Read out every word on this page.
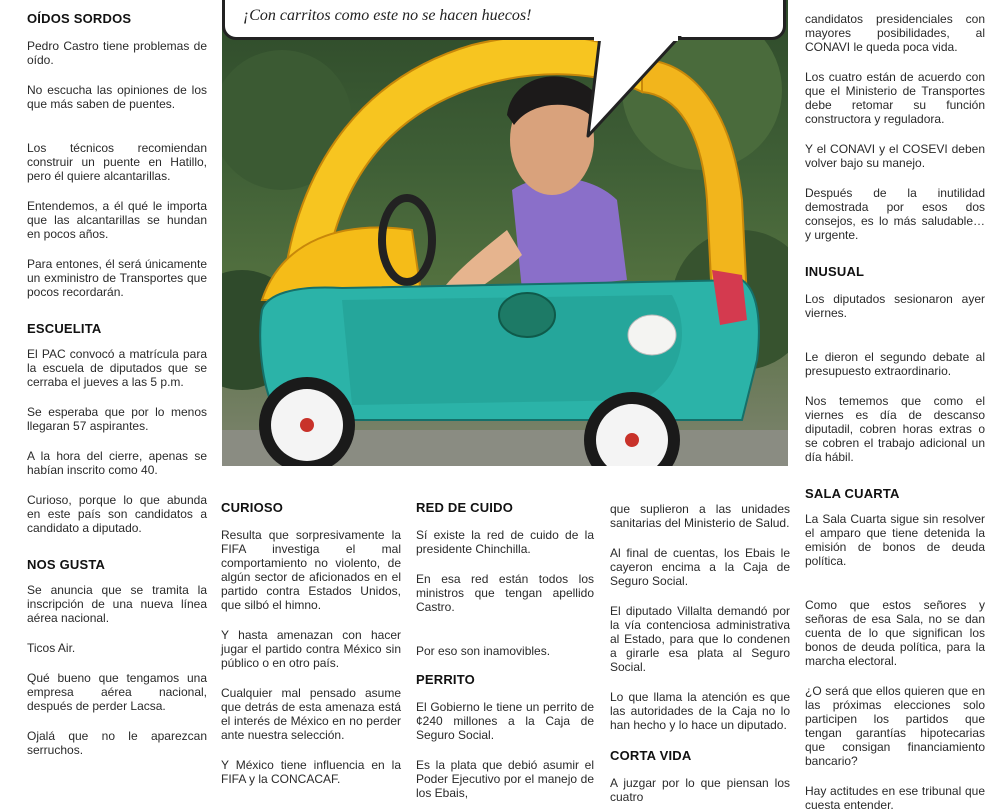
¡Con carritos como este no se hacen huecos!
OÍDOS SORDOS

Pedro Castro tiene problemas de oído.

No escucha las opiniones de los que más saben de puentes.

Los técnicos recomiendan construir un puente en Hatillo, pero él quiere alcantarillas.

Entendemos, a él qué le importa que las alcantarillas se hundan en pocos años.

Para entones, él será únicamente un exministro de Transportes que pocos recordarán.

ESCUELITA

El PAC convocó a matrícula para la escuela de diputados que se cerraba el jueves a las 5 p.m.

Se esperaba que por lo menos llegaran 57 aspirantes.

A la hora del cierre, apenas se habían inscrito como 40.

Curioso, porque lo que abunda en este país son candidatos a candidato a diputado.

NOS GUSTA

Se anuncia que se tramita la inscripción de una nueva línea aérea nacional.

Ticos Air.

Qué bueno que tengamos una empresa aérea nacional, después de perder Lacsa.

Ojalá que no le aparezcan serruchos.

CURIOSO

Resulta que sorpresivamente la FIFA investiga el mal comportamiento no violento, de algún sector de aficionados en el partido contra Estados Unidos, que silbó el himno.

Y hasta amenazan con hacer jugar el partido contra México sin público o en otro país.

Cualquier mal pensado asume que detrás de esta amenaza está el interés de México en no perder ante nuestra selección.

Y México tiene influencia en la FIFA y la CONCACAF.

RED DE CUIDO

Sí existe la red de cuido de la presidente Chinchilla.

En esa red están todos los ministros que tengan apellido Castro.

Por eso son inamovibles.

PERRITO

El Gobierno le tiene un perrito de ¢240 millones a la Caja de Seguro Social.

Es la plata que debió asumir el Poder Ejecutivo por el manejo de los Ebais,

que suplieron a las unidades sanitarias del Ministerio de Salud.

Al final de cuentas, los Ebais le cayeron encima a la Caja de Seguro Social.

El diputado Villalta demandó por la vía contenciosa administrativa al Estado, para que lo condenen a girarle esa plata al Seguro Social.

Lo que llama la atención es que las autoridades de la Caja no lo han hecho y lo hace un diputado.

CORTA VIDA

A juzgar por lo que piensan los cuatro

candidatos presidenciales con mayores posibilidades, al CONAVI le queda poca vida.

Los cuatro están de acuerdo con que el Ministerio de Transportes debe retomar su función constructora y reguladora.

Y el CONAVI y el COSEVI deben volver bajo su manejo.

Después de la inutilidad demostrada por esos dos consejos, es lo más saludable… y urgente.

INUSUAL

Los diputados sesionaron ayer viernes.

Le dieron el segundo debate al presupuesto extraordinario.

Nos tememos que como el viernes es día de descanso diputadil, cobren horas extras o se cobren el trabajo adicional un día hábil.

SALA CUARTA

La Sala Cuarta sigue sin resolver el amparo que tiene detenida la emisión de bonos de deuda política.

Como que estos señores y señoras de esa Sala, no se dan cuenta de lo que significan los bonos de deuda política, para la marcha electoral.

¿O será que ellos quieren que en las próximas elecciones solo participen los partidos que tengan garantías hipotecarias que consigan financiamiento bancario?

Hay actitudes en ese tribunal que cuesta entender.
